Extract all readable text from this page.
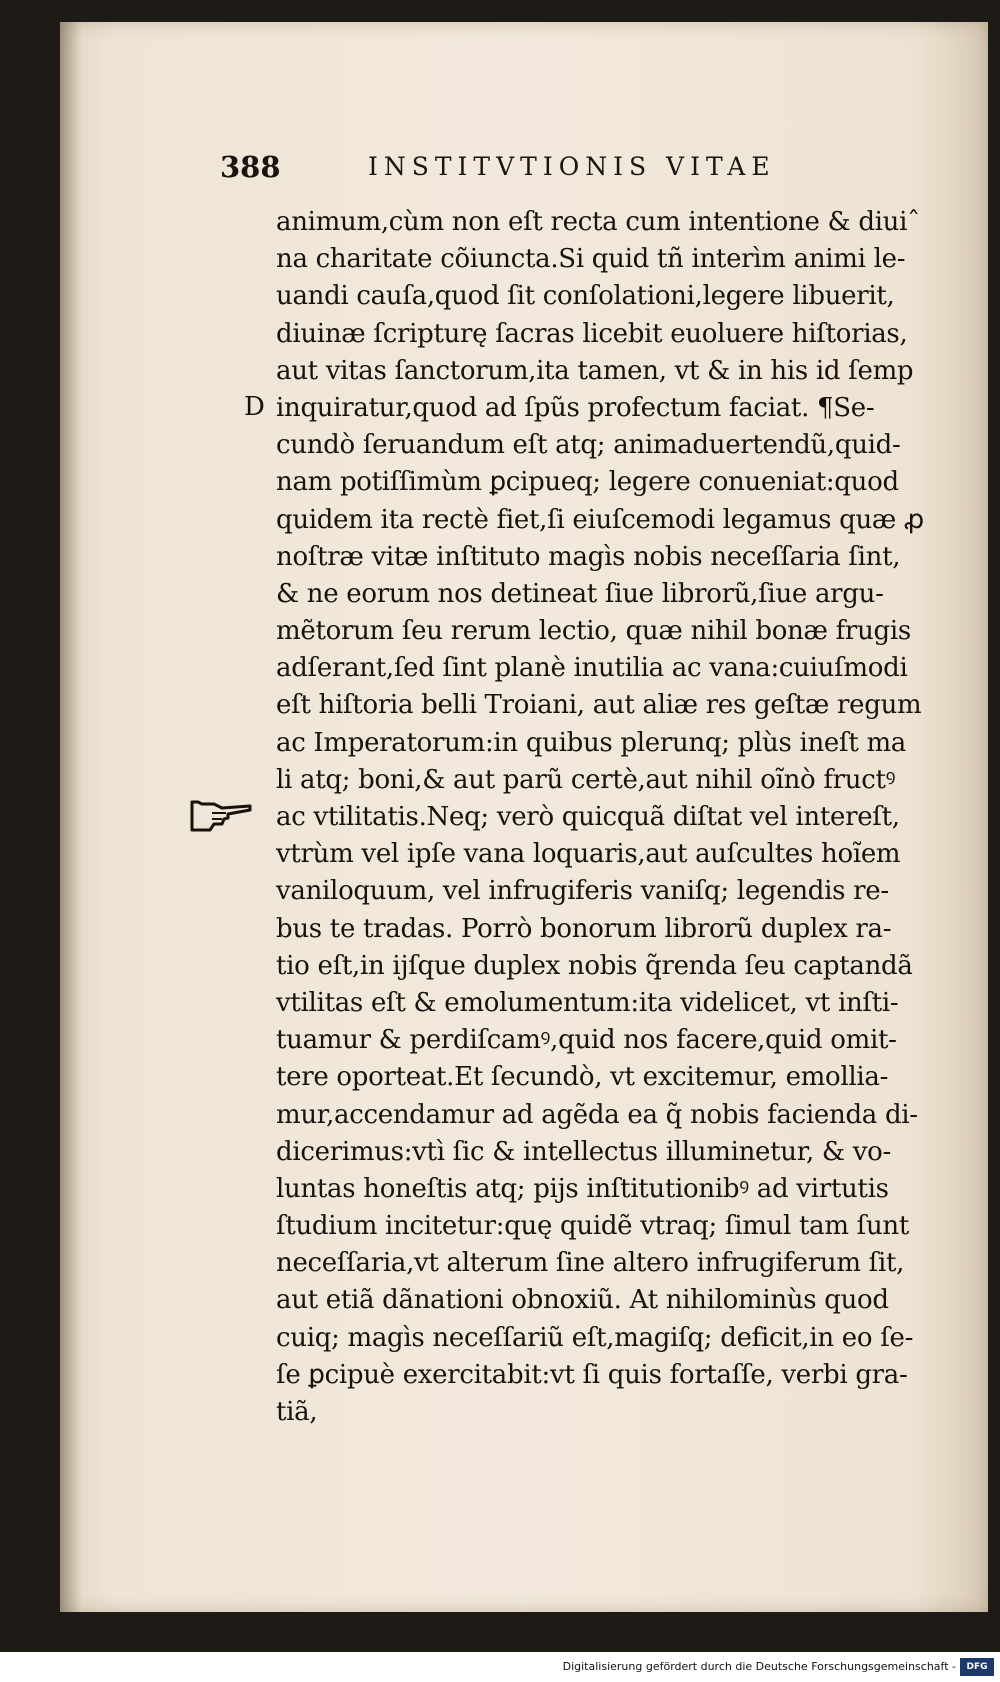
388	INSTITVTIONIS VITAE
D
animum,cùm non eſt recta cum intentione & diuiˆ
na charitate cõiuncta.Si quid tñ interìm animi le-
uandi cauſa,quod ſit conſolationi,legere libuerit,
diuinæ ſcripturę ſacras licebit euoluere hiſtorias,
aut vitas ſanctorum,ita tamen, vt & in his id ſemp
inquiratur,quod ad ſpũs profectum faciat. ¶Se-
cundò ſeruandum eſt atq; animaduertendũ,quid-
nam potiſſimùm ꝑcipueq; legere conueniat:quod
quidem ita rectè fiet,ſi eiuſcemodi legamus quæ ꝓ
noſtræ vitæ inſtituto magìs nobis neceſſaria ſint,
& ne eorum nos detineat ſiue librorũ,ſiue argu-
mẽtorum ſeu rerum lectio, quæ nihil bonæ frugis
adſerant,ſed ſint planè inutilia ac vana:cuiuſmodi
eſt hiſtoria belli Troiani, aut aliæ res geſtæ regum
ac Imperatorum:in quibus plerunq; plùs ineſt ma
li atq; boni,& aut parũ certè,aut nihil oĩnò fructꝰ
ac vtilitatis.Neq; verò quicquã diſtat vel intereſt,
vtrùm vel ipſe vana loquaris,aut auſcultes hoĩem
vaniloquum, vel infrugiferis vaniſq; legendis re-
bus te tradas. Porrò bonorum librorũ duplex ra-
tio eſt,in ijſque duplex nobis q̃renda ſeu captandã
vtilitas eſt & emolumentum:ita videlicet, vt inſti-
tuamur & perdiſcamꝰ,quid nos facere,quid omit-
tere oporteat.Et ſecundò, vt excitemur, emollia-
mur,accendamur ad agẽda ea q̃ nobis facienda di-
dicerimus:vtì ſic & intellectus illuminetur, & vo-
luntas honeſtis atq; pijs inſtitutionibꝰ ad virtutis
ſtudium incitetur:quę quidẽ vtraq; ſimul tam ſunt
neceſſaria,vt alterum ſine altero infrugiferum ſit,
aut etiã dãnationi obnoxiũ. At nihilominùs quod
cuiq; magìs neceſſariũ eſt,magiſq; deficit,in eo ſe-
ſe ꝑcipuè exercitabit:vt ſi quis fortaſſe, verbi gra-
tiã,
Digitalisierung gefördert durch die Deutsche Forschungsgemeinschaft -	DFG
